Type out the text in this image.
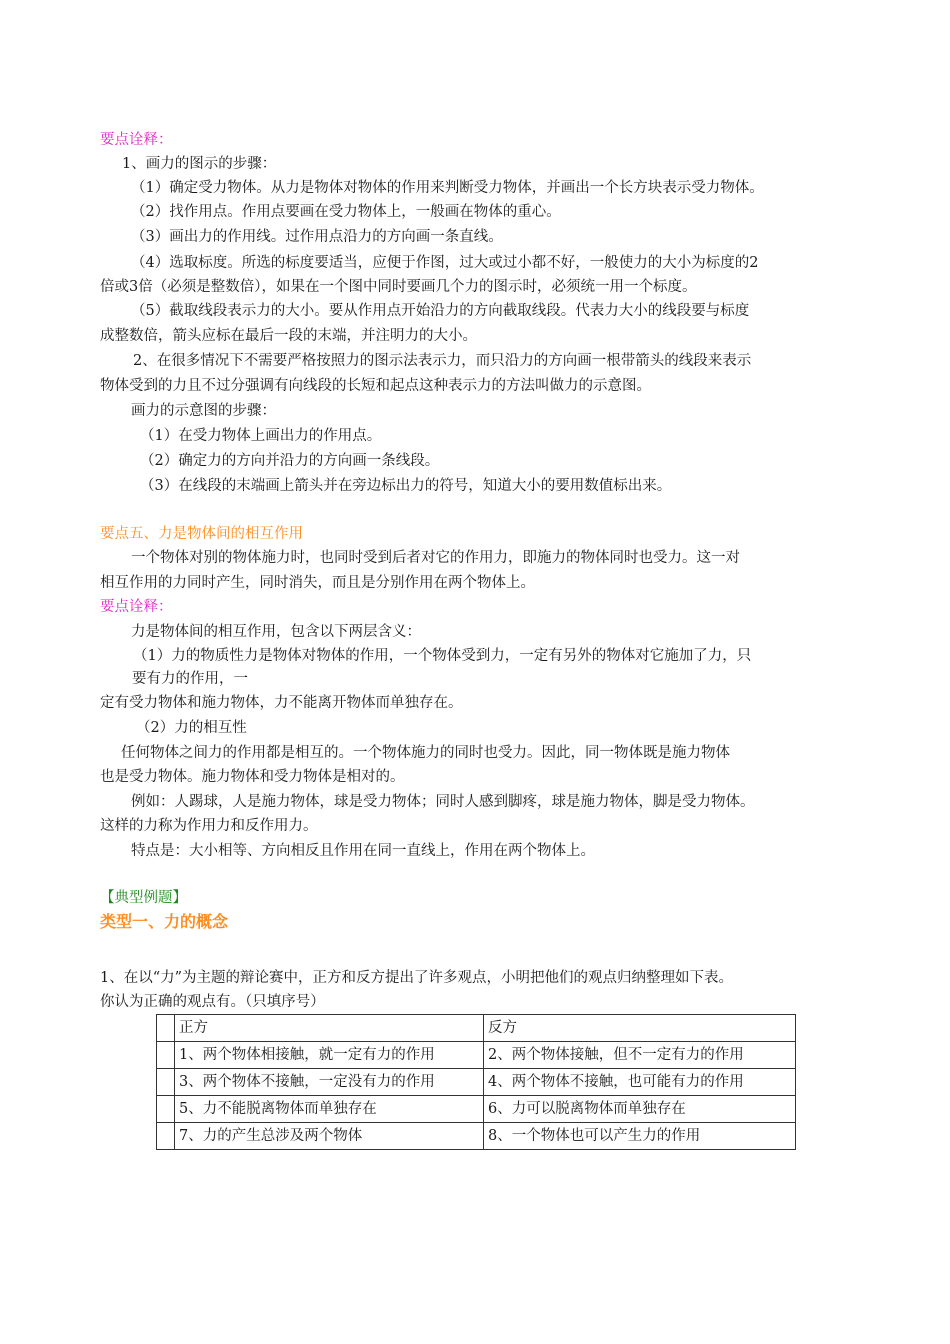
要点诠释：
1、画力的图示的步骤：
（1）确定受力物体。从力是物体对物体的作用来判断受力物体，并画出一个长方块表示受力物体。
（2）找作用点。作用点要画在受力物体上，一般画在物体的重心。
（3）画出力的作用线。过作用点沿力的方向画一条直线。
（4）选取标度。所选的标度要适当，应便于作图，过大或过小都不好，一般使力的大小为标度的2
倍或3倍（必须是整数倍），如果在一个图中同时要画几个力的图示时，必须统一用一个标度。
（5）截取线段表示力的大小。要从作用点开始沿力的方向截取线段。代表力大小的线段要与标度
成整数倍，箭头应标在最后一段的末端，并注明力的大小。
2、在很多情况下不需要严格按照力的图示法表示力，而只沿力的方向画一根带箭头的线段来表示
物体受到的力且不过分强调有向线段的长短和起点这种表示力的方法叫做力的示意图。
画力的示意图的步骤：
（1）在受力物体上画出力的作用点。
（2）确定力的方向并沿力的方向画一条线段。
（3）在线段的末端画上箭头并在旁边标出力的符号，知道大小的要用数值标出来。
要点五、力是物体间的相互作用
一个物体对别的物体施力时，也同时受到后者对它的作用力，即施力的物体同时也受力。这一对
相互作用的力同时产生，同时消失，而且是分别作用在两个物体上。
要点诠释：
力是物体间的相互作用，包含以下两层含义：
（1）力的物质性力是物体对物体的作用，一个物体受到力，一定有另外的物体对它施加了力，只
要有力的作用，一
定有受力物体和施力物体，力不能离开物体而单独存在。
（2）力的相互性
任何物体之间力的作用都是相互的。一个物体施力的同时也受力。因此，同一物体既是施力物体
也是受力物体。施力物体和受力物体是相对的。
例如：人踢球，人是施力物体，球是受力物体；同时人感到脚疼，球是施力物体，脚是受力物体。
这样的力称为作用力和反作用力。
特点是：大小相等、方向相反且作用在同一直线上，作用在两个物体上。
【典型例题】
类型一、力的概念
1、在以“力”为主题的辩论赛中，正方和反方提出了许多观点，小明把他们的观点归纳整理如下表。
你认为正确的观点有。（只填序号）
	正方	反方
	1、两个物体相接触，就一定有力的作用	2、两个物体接触，但不一定有力的作用
	3、两个物体不接触，一定没有力的作用	4、两个物体不接触，也可能有力的作用
	5、力不能脱离物体而单独存在	6、力可以脱离物体而单独存在
	7、力的产生总涉及两个物体	8、一个物体也可以产生力的作用
